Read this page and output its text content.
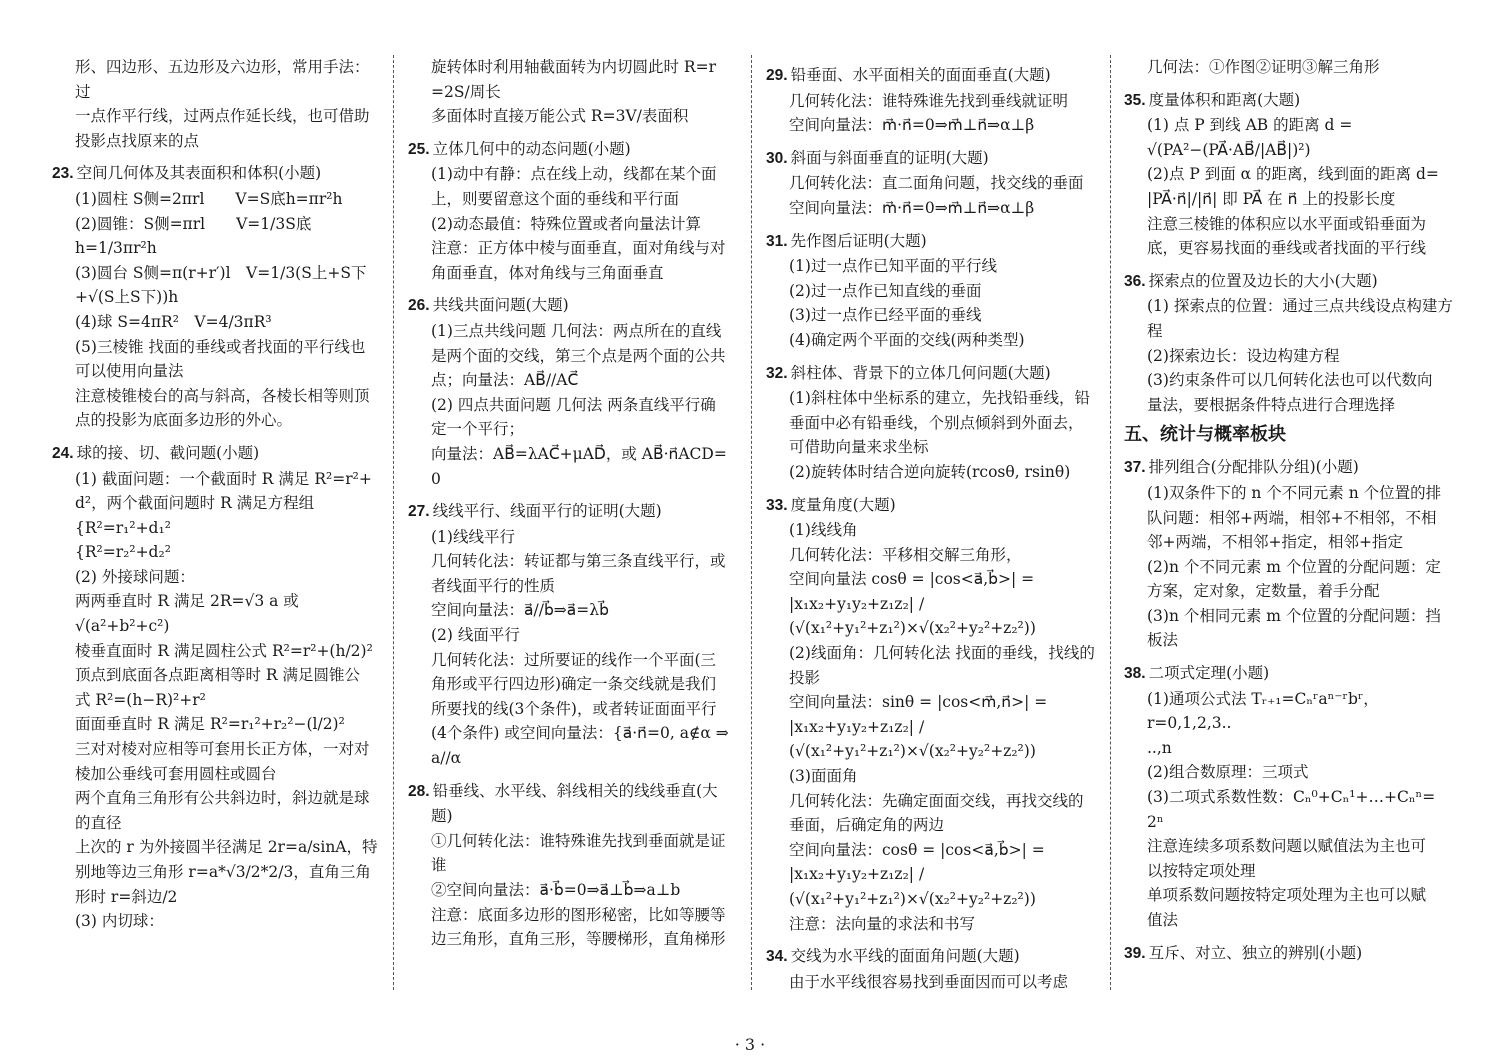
形、四边形、五边形及六边形，常用手法：过
一点作平行线，过两点作延长线，也可借助
投影点找原来的点
23. 空间几何体及其表面积和体积(小题)
(1)圆柱 S侧=2πrl　　V=S底h=πr²h
(2)圆锥：S侧=πrl　　V=1/3S底h=1/3πr²h
(3)圆台 S侧=π(r+r′)l　V=1/3(S上+S下
+√(S上S下))h
(4)球 S=4πR²　V=4/3πR³
(5)三棱锥 找面的垂线或者找面的平行线也
可以使用向量法
注意棱锥棱台的高与斜高，各棱长相等则顶
点的投影为底面多边形的外心。
24. 球的接、切、截问题(小题)
(1) 截面问题：一个截面时 R 满足 R²=r²+
d²，两个截面问题时 R 满足方程组
{R²=r₁²+d₁²
{R²=r₂²+d₂²
(2) 外接球问题：
两两垂直时 R 满足 2R=√3 a 或
√(a²+b²+c²)
棱垂直面时 R 满足圆柱公式 R²=r²+(h/2)²
顶点到底面各点距离相等时 R 满足圆锥公
式 R²=(h−R)²+r²
面面垂直时 R 满足 R²=r₁²+r₂²−(l/2)²
三对对棱对应相等可套用长正方体，一对对
棱加公垂线可套用圆柱或圆台
两个直角三角形有公共斜边时，斜边就是球
的直径
上次的 r 为外接圆半径满足 2r=a/sinA，特
别地等边三角形 r=a*√3/2*2/3，直角三角
形时 r=斜边/2
(3) 内切球：
旋转体时利用轴截面转为内切圆此时 R=r
=2S/周长
多面体时直接万能公式 R=3V/表面积
25. 立体几何中的动态问题(小题)
(1)动中有静：点在线上动，线都在某个面
上，则要留意这个面的垂线和平行面
(2)动态最值：特殊位置或者向量法计算
注意：正方体中棱与面垂直，面对角线与对
角面垂直，体对角线与三角面垂直
26. 共线共面问题(大题)
(1)三点共线问题 几何法：两点所在的直线
是两个面的交线，第三个点是两个面的公共
点；向量法：AB⃗//AC⃗
(2) 四点共面问题 几何法 两条直线平行确
定一个平行；
向量法：AB⃗=λAC⃗+μAD⃗，或 AB⃗·n⃗ACD=
0
27. 线线平行、线面平行的证明(大题)
(1)线线平行
几何转化法：转证都与第三条直线平行，或
者线面平行的性质
空间向量法：a⃗//b⃗⇒a⃗=λb⃗
(2) 线面平行
几何转化法：过所要证的线作一个平面(三
角形或平行四边形)确定一条交线就是我们
所要找的线(3个条件)，或者转证面面平行
(4个条件) 或空间向量法：{a⃗·n⃗=0, a∉α ⇒ a//α
28. 铅垂线、水平线、斜线相关的线线垂直(大
题)
①几何转化法：谁特殊谁先找到垂面就是证
谁
②空间向量法：a⃗·b⃗=0⇒a⃗⊥b⃗⇒a⊥b
注意：底面多边形的图形秘密，比如等腰等
边三角形，直角三形，等腰梯形，直角梯形
29. 铅垂面、水平面相关的面面垂直(大题)
几何转化法：谁特殊谁先找到垂线就证明
空间向量法：m⃗·n⃗=0⇒m⃗⊥n⃗⇒α⊥β
30. 斜面与斜面垂直的证明(大题)
几何转化法：直二面角问题，找交线的垂面
空间向量法：m⃗·n⃗=0⇒m⃗⊥n⃗⇒α⊥β
31. 先作图后证明(大题)
(1)过一点作已知平面的平行线
(2)过一点作已知直线的垂面
(3)过一点作已经平面的垂线
(4)确定两个平面的交线(两种类型)
32. 斜柱体、背景下的立体几何问题(大题)
(1)斜柱体中坐标系的建立，先找铅垂线，铅
垂面中必有铅垂线，个别点倾斜到外面去，
可借助向量来求坐标
(2)旋转体时结合逆向旋转(rcosθ, rsinθ)
33. 度量角度(大题)
(1)线线角
几何转化法：平移相交解三角形，
空间向量法 cosθ = |cos<a⃗,b⃗>| =
|x₁x₂+y₁y₂+z₁z₂| / (√(x₁²+y₁²+z₁²)×√(x₂²+y₂²+z₂²))
(2)线面角：几何转化法 找面的垂线，找线的
投影
空间向量法：sinθ = |cos<m⃗,n⃗>| =
|x₁x₂+y₁y₂+z₁z₂| / (√(x₁²+y₁²+z₁²)×√(x₂²+y₂²+z₂²))
(3)面面角
几何转化法：先确定面面交线，再找交线的
垂面，后确定角的两边
空间向量法：cosθ = |cos<a⃗,b⃗>| =
|x₁x₂+y₁y₂+z₁z₂| / (√(x₁²+y₁²+z₁²)×√(x₂²+y₂²+z₂²))
注意：法向量的求法和书写
34. 交线为水平线的面面角问题(大题)
由于水平线很容易找到垂面因而可以考虑
几何法：①作图②证明③解三角形
35. 度量体积和距离(大题)
(1) 点 P 到线 AB 的距离 d =
√(PA²−(PA⃗·AB⃗/|AB⃗|)²)
(2)点 P 到面 α 的距离，线到面的距离 d=
|PA⃗·n⃗|/|n⃗| 即 PA⃗ 在 n⃗ 上的投影长度
注意三棱锥的体积应以水平面或铅垂面为
底，更容易找面的垂线或者找面的平行线
36. 探索点的位置及边长的大小(大题)
(1) 探索点的位置：通过三点共线设点构建方
程
(2)探索边长：设边构建方程
(3)约束条件可以几何转化法也可以代数向
量法，要根据条件特点进行合理选择
五、统计与概率板块
37. 排列组合(分配排队分组)(小题)
(1)双条件下的 n 个不同元素 n 个位置的排
队问题：相邻+两端，相邻+不相邻，不相
邻+两端，不相邻+指定，相邻+指定
(2)n 个不同元素 m 个位置的分配问题：定
方案，定对象，定数量，着手分配
(3)n 个相同元素 m 个位置的分配问题：挡
板法
38. 二项式定理(小题)
(1)通项公式法 Tᵣ₊₁=Cₙʳaⁿ⁻ʳbʳ，r=0,1,2,3..
..,n
(2)组合数原理：三项式
(3)二项式系数性数：Cₙ⁰+Cₙ¹+…+Cₙⁿ=
2ⁿ
注意连续多项系数问题以赋值法为主也可
以按特定项处理
单项系数问题按特定项处理为主也可以赋
值法
39. 互斥、对立、独立的辨别(小题)
· 3 ·
